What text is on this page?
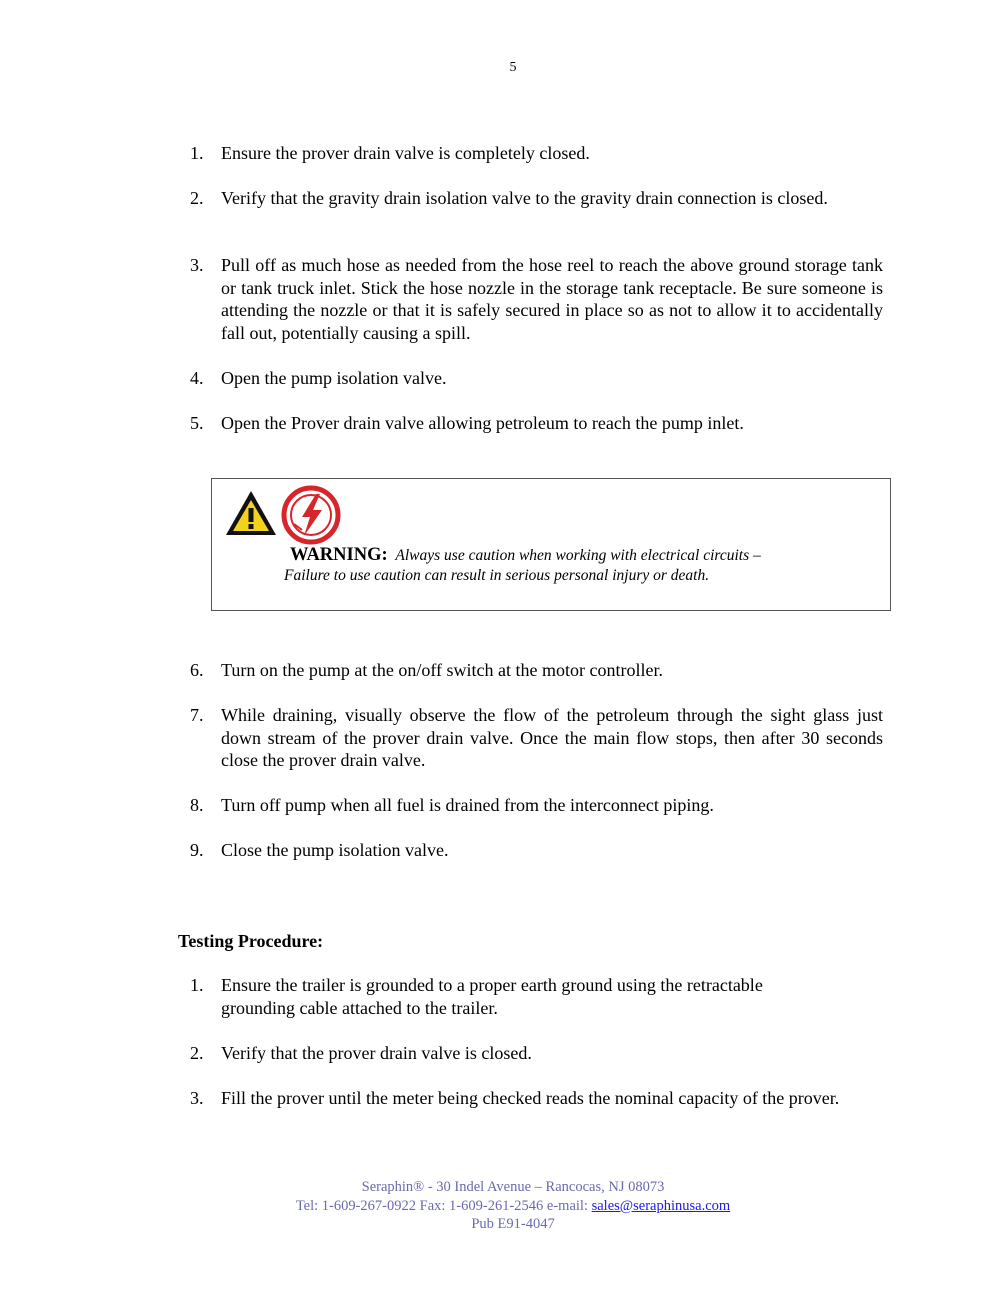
5
1. Ensure the prover drain valve is completely closed.
2. Verify that the gravity drain isolation valve to the gravity drain connection is closed.
3. Pull off as much hose as needed from the hose reel to reach the above ground storage tank or tank truck inlet. Stick the hose nozzle in the storage tank receptacle. Be sure someone is attending the nozzle or that it is safely secured in place so as not to allow it to accidentally fall out, potentially causing a spill.
4. Open the pump isolation valve.
5. Open the Prover drain valve allowing petroleum to reach the pump inlet.
WARNING: Always use caution when working with electrical circuits –
Failure to use caution can result in serious personal injury or death.
6. Turn on the pump at the on/off switch at the motor controller.
7. While draining, visually observe the flow of the petroleum through the sight glass just down stream of the prover drain valve. Once the main flow stops, then after 30 seconds close the prover drain valve.
8. Turn off pump when all fuel is drained from the interconnect piping.
9. Close the pump isolation valve.
Testing Procedure:
1. Ensure the trailer is grounded to a proper earth ground using the retractable grounding cable attached to the trailer.
2. Verify that the prover drain valve is closed.
3. Fill the prover until the meter being checked reads the nominal capacity of the prover.
Seraphin® - 30 Indel Avenue – Rancocas, NJ 08073
Tel: 1-609-267-0922 Fax: 1-609-261-2546 e-mail: sales@seraphinusa.com
Pub E91-4047
